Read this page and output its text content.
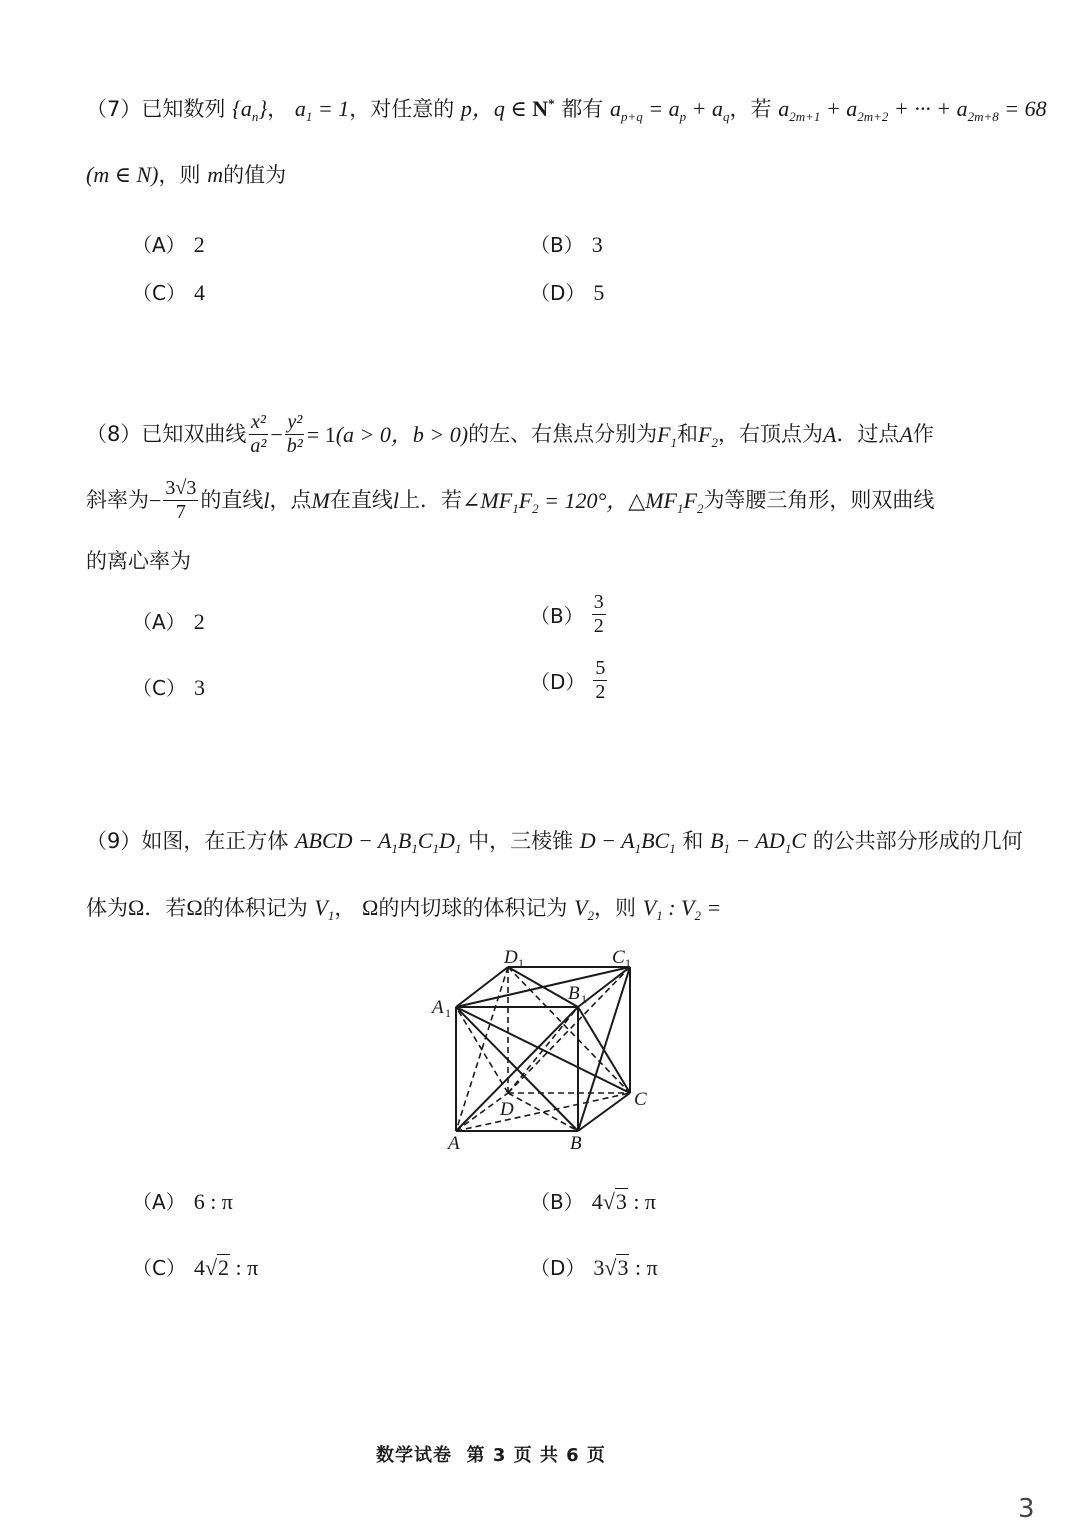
（7）已知数列 $\{a_n\}$， $a_1 = 1$，对任意的 p，q ∈ N* 都有 $a_{p+q} = a_p + a_q$，若 $a_{2m+1} + a_{2m+2}$ + ··· + $a_{2m+8} = 68$
(m ∈ N)，则 m的值为
（A） 2	（B） 3
（C） 4	（D） 5
（8） 已知双曲线 $\frac{\text{x²}}{\text{a²}} - \frac{\text{y²}}{\text{b²}} = 1$ (a > 0，b > 0) 的左、右焦点分别为 $F_1$ 和 $F_2$ ，右顶点为 A ．过点 A 作
斜率为 − $\frac{3√3}{7}$ 的直线 l ，点 M 在直线 l 上．若 $\angle MF_1F_2 = 120^\circ$ ，$\triangle MF_1F_2$ 为等腰三角形，则双曲线
的离心率为
（A） 2	$(B) \frac{3}{2}$
（C） 3	$(D) \frac{5}{2}$
（9）如图，在正方体 ABCD − $A_1B_1C_1D_1$ 中，三棱锥 $D - A_1BC_1$ 和 $B_1 - AD_1C$ 的公共部分形成的几何
体为Ω．若Ω的体积记为 $V_1$， Ω的内切球的体积记为 $V_2$，则 $V_1$ : $V_2$ =
A	B
C
D
A 1
B 1
C 1
D 1
（A） 6 : π	（B） 4√3 : π
（C） 4√2 : π	（D） 3√3 : π
数学试卷 第 3 页 共 6 页
3
